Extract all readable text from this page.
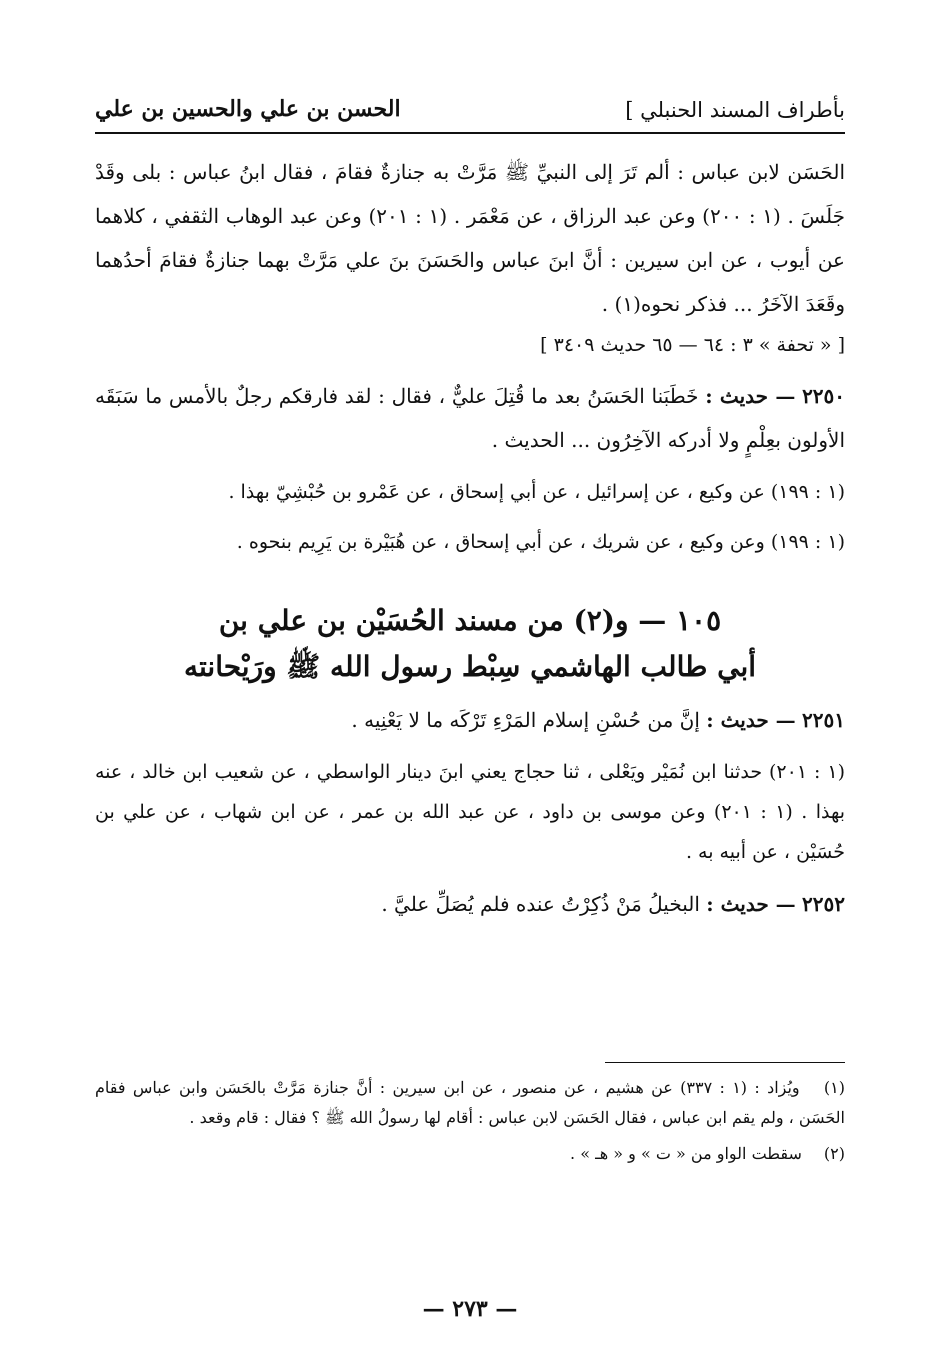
بأطراف المسند الحنبلي ]
الحسن بن علي والحسين بن علي

الحَسَن لابن عباس : ألم تَرَ إلى النبيِّ ﷺ مَرَّتْ به جنازةٌ فقامَ ، فقال ابنُ عباس : بلى وقَدْ جَلَسَ . (١ : ٢٠٠) وعن عبد الرزاق ، عن مَعْمَر . (١ : ٢٠١) وعن عبد الوهاب الثقفي ، كلاهما عن أيوب ، عن ابن سيرين : أنَّ ابنَ عباس والحَسَنَ بنَ علي مَرَّتْ بهما جنازةٌ فقامَ أحدُهما وقَعَدَ الآخَرُ ... فذكر نحوه(١) .

[ « تحفة » ٣ : ٦٤ — ٦٥ حديث ٣٤٠٩ ]

٢٢٥٠ — حديث : خَطَبَنا الحَسَنُ بعد ما قُتِلَ عليٌّ ، فقال : لقد فارقكم رجلٌ بالأمس ما سَبَقَه الأولون بعِلْمٍ ولا أدركه الآخِرُون ... الحديث .

(١ : ١٩٩) عن وكيع ، عن إسرائيل ، عن أبي إسحاق ، عن عَمْرو بن حُبْشِيّ بهذا .

(١ : ١٩٩) وعن وكيع ، عن شريك ، عن أبي إسحاق ، عن هُبَيْرة بن يَرِيم بنحوه .

١٠٥ — و(٢) من مسند الحُسَيْن بن علي بن
أبي طالب الهاشمي سِبْط رسول الله ﷺ ورَيْحانته

٢٢٥١ — حديث : إنَّ من حُسْنِ إسلام المَرْءِ تَرْكَه ما لا يَعْنِيه .

(١ : ٢٠١) حدثنا ابن نُمَيْر ويَعْلى ، ثنا حجاج يعني ابنَ دينار الواسطي ، عن شعيب ابن خالد ، عنه بهذا . (١ : ٢٠١) وعن موسى بن داود ، عن عبد الله بن عمر ، عن ابن شهاب ، عن علي بن حُسَيْن ، عن أبيه به .

٢٢٥٢ — حديث : البخيلُ مَنْ ذُكِرْتُ عنده فلم يُصَلِّ عليَّ .

(١) ويُزاد : (١ : ٣٣٧) عن هشيم ، عن منصور ، عن ابن سيرين : أنَّ جنازة مَرَّتْ بالحَسَن وابن عباس فقام الحَسَن ، ولم يقم ابن عباس ، فقال الحَسَن لابن عباس : أقام لها رسولُ الله ﷺ ؟ فقال : قام وقعد .

(٢) سقطت الواو من « ت » و « هـ » .

— ٢٧٣ —
